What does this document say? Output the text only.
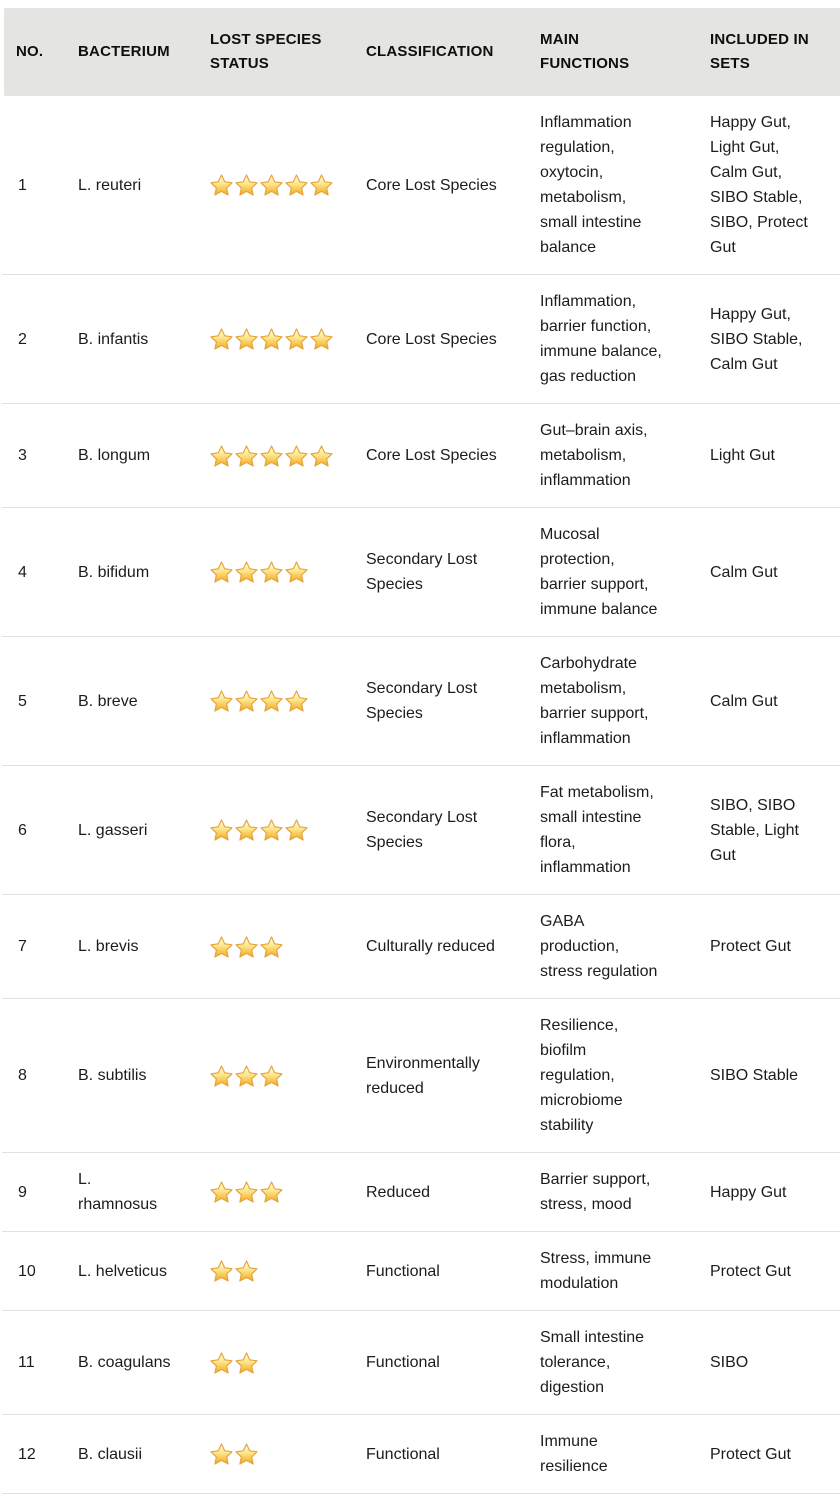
NO.	BACTERIUM	LOST SPECIES STATUS	CLASSIFICATION	MAIN FUNCTIONS	INCLUDED IN SETS
1	L. reuteri		Core Lost Species	Inflammation regulation, oxytocin, metabolism, small intestine balance	Happy Gut, Light Gut, Calm Gut, SIBO Stable, SIBO, Protect Gut
2	B. infantis		Core Lost Species	Inflammation, barrier function, immune balance, gas reduction	Happy Gut, SIBO Stable, Calm Gut
3	B. longum		Core Lost Species	Gut–brain axis, metabolism, inflammation	Light Gut
4	B. bifidum		Secondary Lost Species	Mucosal protection, barrier support, immune balance	Calm Gut
5	B. breve		Secondary Lost Species	Carbohydrate metabolism, barrier support, inflammation	Calm Gut
6	L. gasseri		Secondary Lost Species	Fat metabolism, small intestine flora, inflammation	SIBO, SIBO Stable, Light Gut
7	L. brevis		Culturally reduced	GABA production, stress regulation	Protect Gut
8	B. subtilis		Environmentally reduced	Resilience, biofilm regulation, microbiome stability	SIBO Stable
9	L. rhamnosus		Reduced	Barrier support, stress, mood	Happy Gut
10	L. helveticus		Functional	Stress, immune modulation	Protect Gut
11	B. coagulans		Functional	Small intestine tolerance, digestion	SIBO
12	B. clausii		Functional	Immune resilience	Protect Gut
